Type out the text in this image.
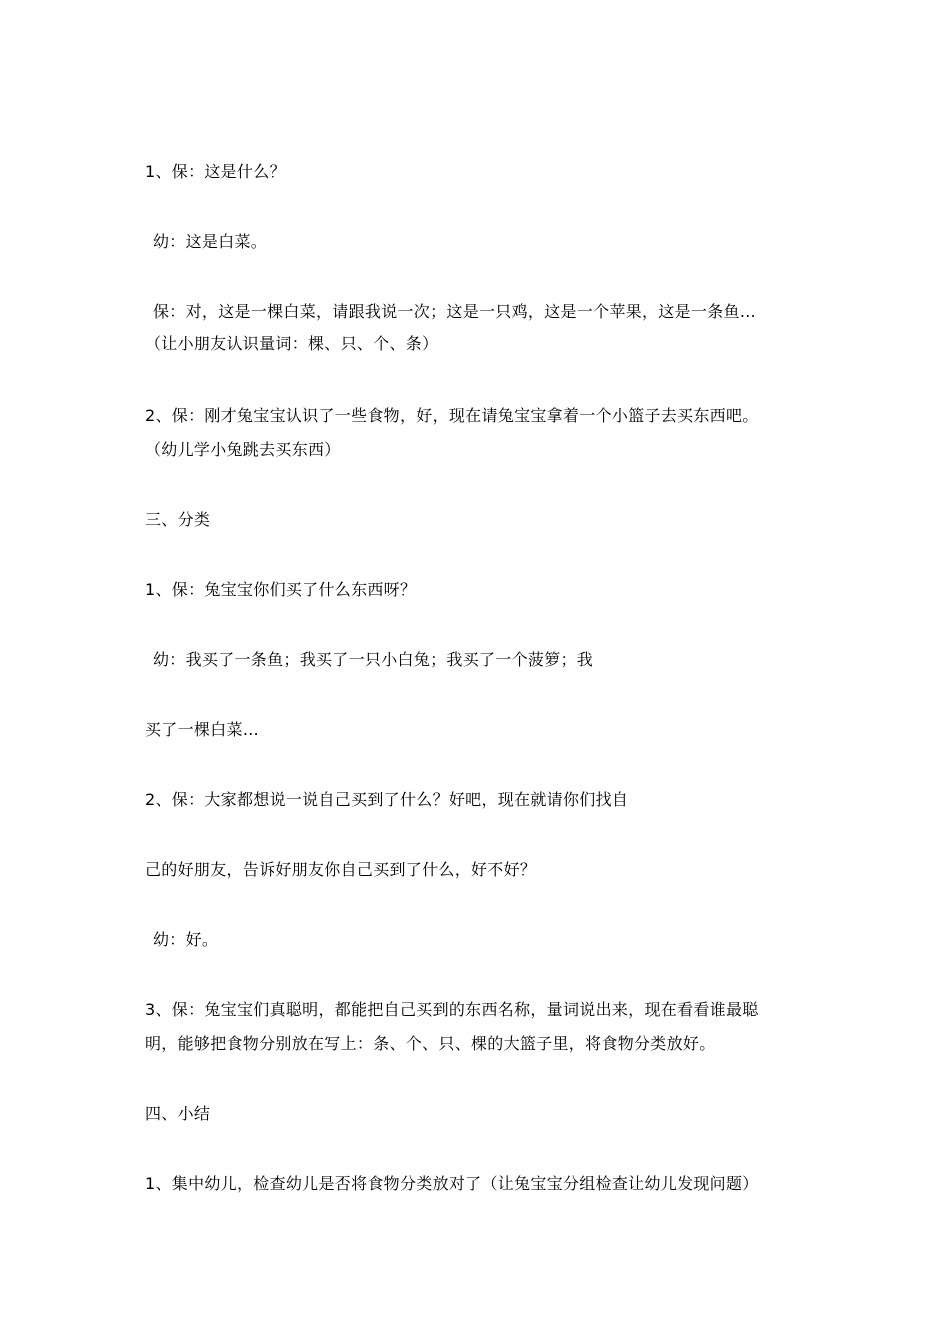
1、保：这是什么？
幼：这是白菜。
保：对，这是一棵白菜，请跟我说一次；这是一只鸡，这是一个苹果，这是一条鱼…
（让小朋友认识量词：棵、只、个、条）
2、保：刚才兔宝宝认识了一些食物，好，现在请兔宝宝拿着一个小篮子去买东西吧。
（幼儿学小兔跳去买东西）
三、分类
1、保：兔宝宝你们买了什么东西呀？
幼：我买了一条鱼；我买了一只小白兔；我买了一个菠箩；我
买了一棵白菜…
2、保：大家都想说一说自己买到了什么？好吧，现在就请你们找自
己的好朋友，告诉好朋友你自己买到了什么，好不好？
幼：好。
3、保：兔宝宝们真聪明，都能把自己买到的东西名称，量词说出来，现在看看谁最聪
明，能够把食物分别放在写上：条、个、只、棵的大篮子里，将食物分类放好。
四、小结
1、集中幼儿，检查幼儿是否将食物分类放对了（让兔宝宝分组检查让幼儿发现问题）
